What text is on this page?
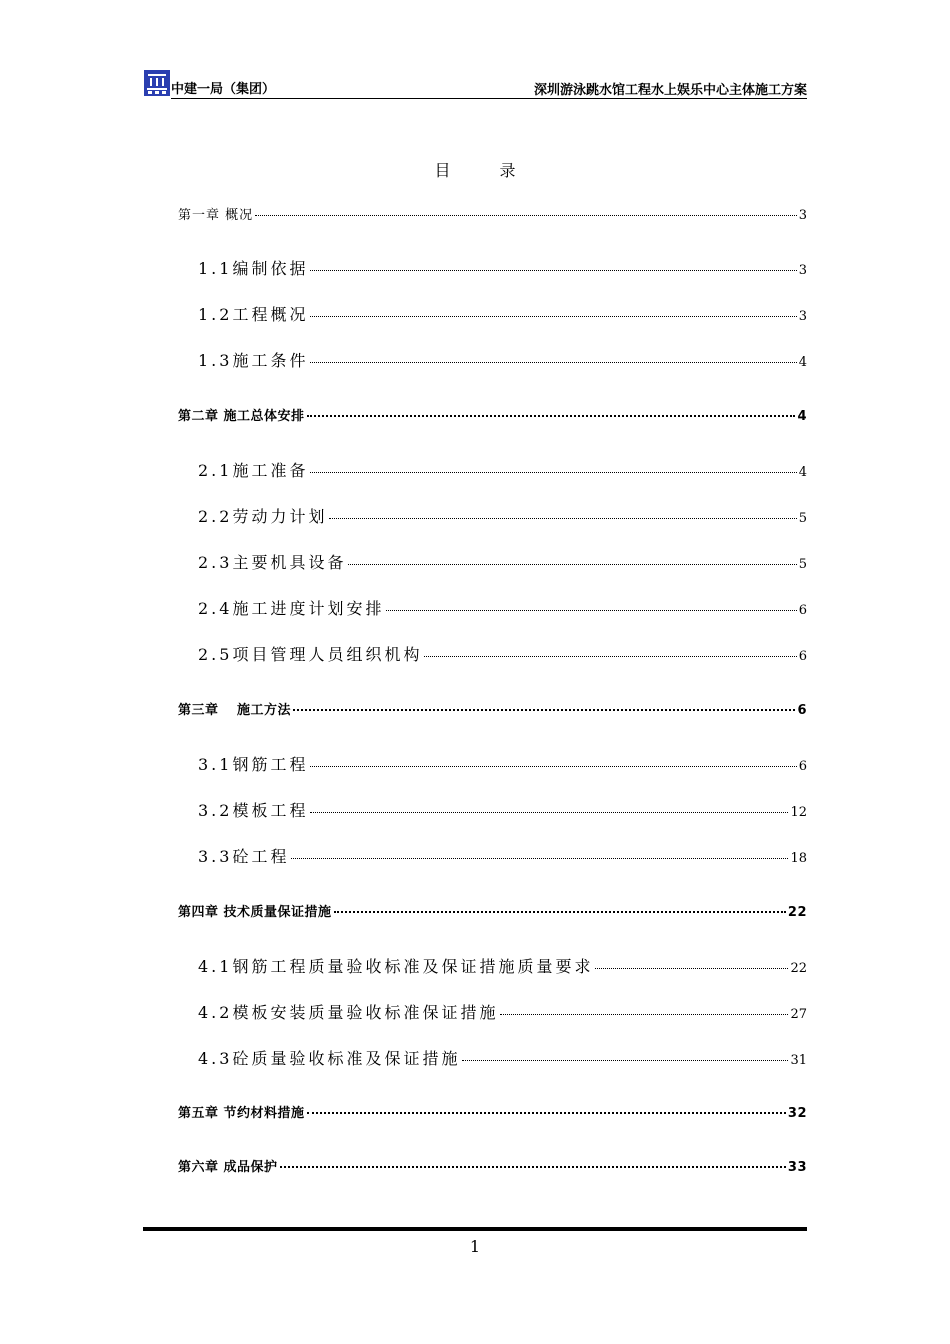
中建一局（集团）	深圳游泳跳水馆工程水上娱乐中心主体施工方案
目 录
第一章 概况	3
1.1编制依据	3
1.2工程概况	3
1.3施工条件	4
第二章 施工总体安排	4
2.1施工准备	4
2.2劳动力计划	5
2.3主要机具设备	5
2.4施工进度计划安排	6
2.5项目管理人员组织机构	6
第三章　 施工方法	6
3.1钢筋工程	6
3.2模板工程	12
3.3砼工程	18
第四章 技术质量保证措施	22
4.1钢筋工程质量验收标准及保证措施质量要求	22
4.2模板安装质量验收标准保证措施	27
4.3砼质量验收标准及保证措施	31
第五章 节约材料措施	32
第六章 成品保护	33
1
